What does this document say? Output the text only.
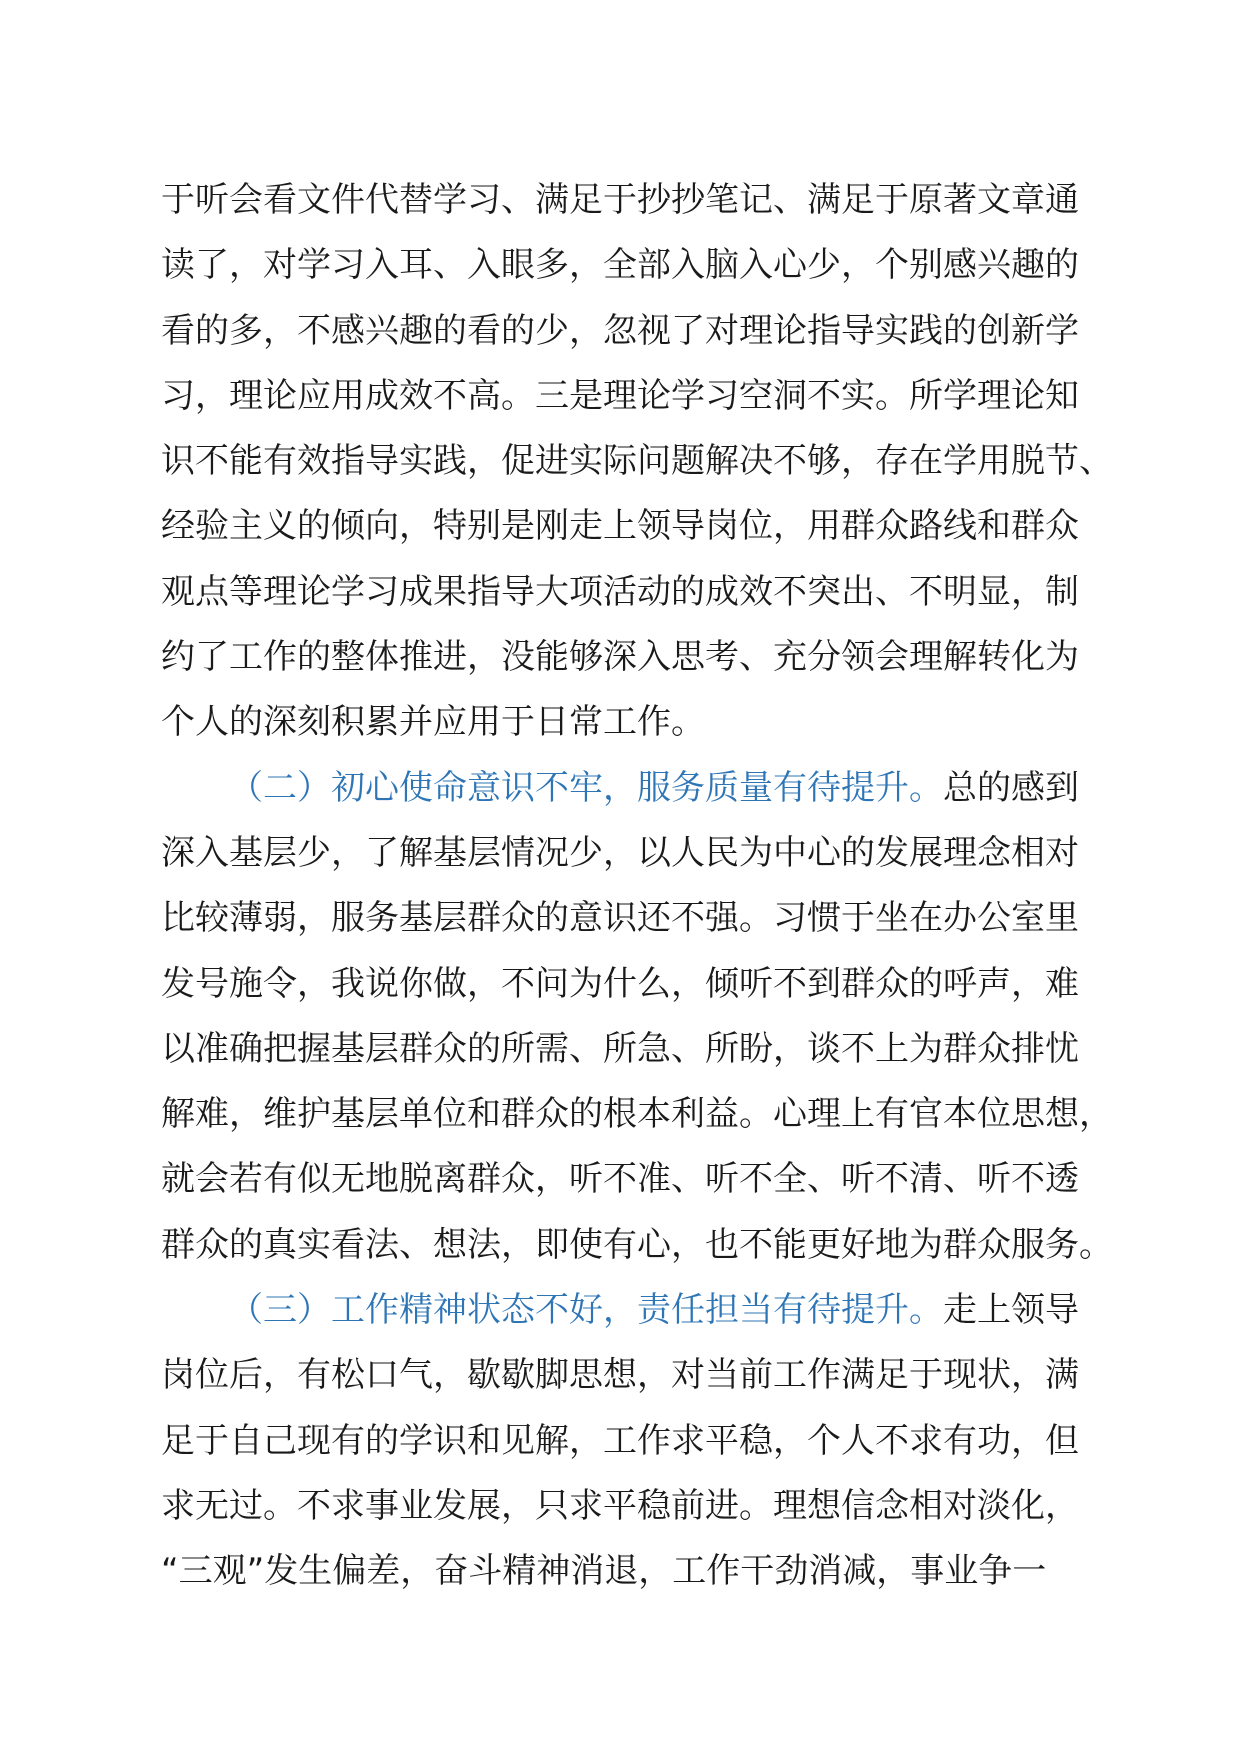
于听会看文件代替学习、满足于抄抄笔记、满足于原著文章通
读了，对学习入耳、入眼多，全部入脑入心少，个别感兴趣的
看的多，不感兴趣的看的少，忽视了对理论指导实践的创新学
习，理论应用成效不高。三是理论学习空洞不实。所学理论知
识不能有效指导实践，促进实际问题解决不够，存在学用脱节、
经验主义的倾向，特别是刚走上领导岗位，用群众路线和群众
观点等理论学习成果指导大项活动的成效不突出、不明显，制
约了工作的整体推进，没能够深入思考、充分领会理解转化为
个人的深刻积累并应用于日常工作。
（二）初心使命意识不牢，服务质量有待提升。总的感到
深入基层少，了解基层情况少，以人民为中心的发展理念相对
比较薄弱，服务基层群众的意识还不强。习惯于坐在办公室里
发号施令，我说你做，不问为什么，倾听不到群众的呼声，难
以准确把握基层群众的所需、所急、所盼，谈不上为群众排忧
解难，维护基层单位和群众的根本利益。心理上有官本位思想，
就会若有似无地脱离群众，听不准、听不全、听不清、听不透
群众的真实看法、想法，即使有心，也不能更好地为群众服务。
（三）工作精神状态不好，责任担当有待提升。走上领导
岗位后，有松口气，歇歇脚思想，对当前工作满足于现状，满
足于自己现有的学识和见解，工作求平稳，个人不求有功，但
求无过。不求事业发展，只求平稳前进。理想信念相对淡化，
“三观”发生偏差，奋斗精神消退，工作干劲消减，事业争一
